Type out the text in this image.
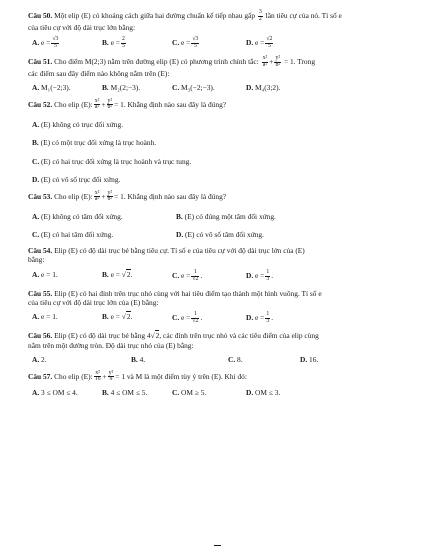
Câu 50. Một elip (E) có khoảng cách giữa hai đường chuẩn kế tiếp nhau gấp $\frac{3}{2}$ lần tiêu cự của nó. Tỉ số e
của tiêu cự với độ dài trục lớn bằng:
A. $e = \frac{√3}{5}$	B. $e = \frac{2}{5}$	C. $e = \frac{√3}{5}$	D. $e = \frac{√2}{5}$
Câu 51. Cho điểm M(2;3) nằm trên đường elip (E) có phương trình chính tắc: $\frac{\text{x²}}{\text{a²}} + \frac{\text{y²}}{\text{b²}} = 1$. Trong
các điểm sau đây điểm nào không nằm trên (E):
A. M₁(−2;3).	B. M₂(2;−3).	C. M₃(−2;−3).	D. M₄(3;2).
Câu 52. Cho elip (E): $\frac{\text{x²}}{\text{a²}} + \frac{\text{y²}}{\text{b²}} = 1$. Khẳng định nào sau đây là đúng?
A. (E) không có trục đối xứng.
B. (E) có một trục đối xứng là trục hoành.
C. (E) có hai trục đối xứng là trục hoành và trục tung.
D. (E) có vô số trục đối xứng.
Câu 53. Cho elip (E): $\frac{\text{x²}}{\text{a²}} + \frac{\text{y²}}{\text{b²}} = 1$. Khẳng định nào sau đây là đúng?
A. (E) không có tâm đối xứng.	B. (E) có đúng một tâm đối xứng.
C. (E) có hai tâm đối xứng.	D. (E) có vô số tâm đối xứng.
Câu 54. Elip (E) có độ dài trục bé bằng tiêu cự. Tỉ số e của tiêu cự với độ dài trục lớn của (E)
bằng:
A. e = 1.	B. e = √2.	C. $e = \frac{1}{√2}$ .	D. $e = \frac{1}{3}$ .
Câu 55. Elip (E) có hai đỉnh trên trục nhỏ cùng với hai tiêu điểm tạo thành một hình vuông. Tỉ số e
của tiêu cự với độ dài trục lớn của (E) bằng:
A. e = 1.	B. e = √2.	C. $e = \frac{1}{√2}$ .	D. $e = \frac{1}{3}$ .
Câu 56. Elip (E) có độ dài trục bé bằng 4√2, các đỉnh trên trục nhỏ và các tiêu điểm của elip cùng
nằm trên một đường tròn. Độ dài trục nhỏ của (E) bằng:
A. 2.	B. 4.	C. 8.	D. 16.
Câu 57. Cho elip (E): $\frac{\text{x²}}{16} + \frac{\text{y²}}{9} = 1$ và M là một điểm tùy ý trên (E). Khi đó:
A. 3 ≤ OM ≤ 4.	B. 4 ≤ OM ≤ 5.	C. OM ≥ 5.	D. OM ≤ 3.
